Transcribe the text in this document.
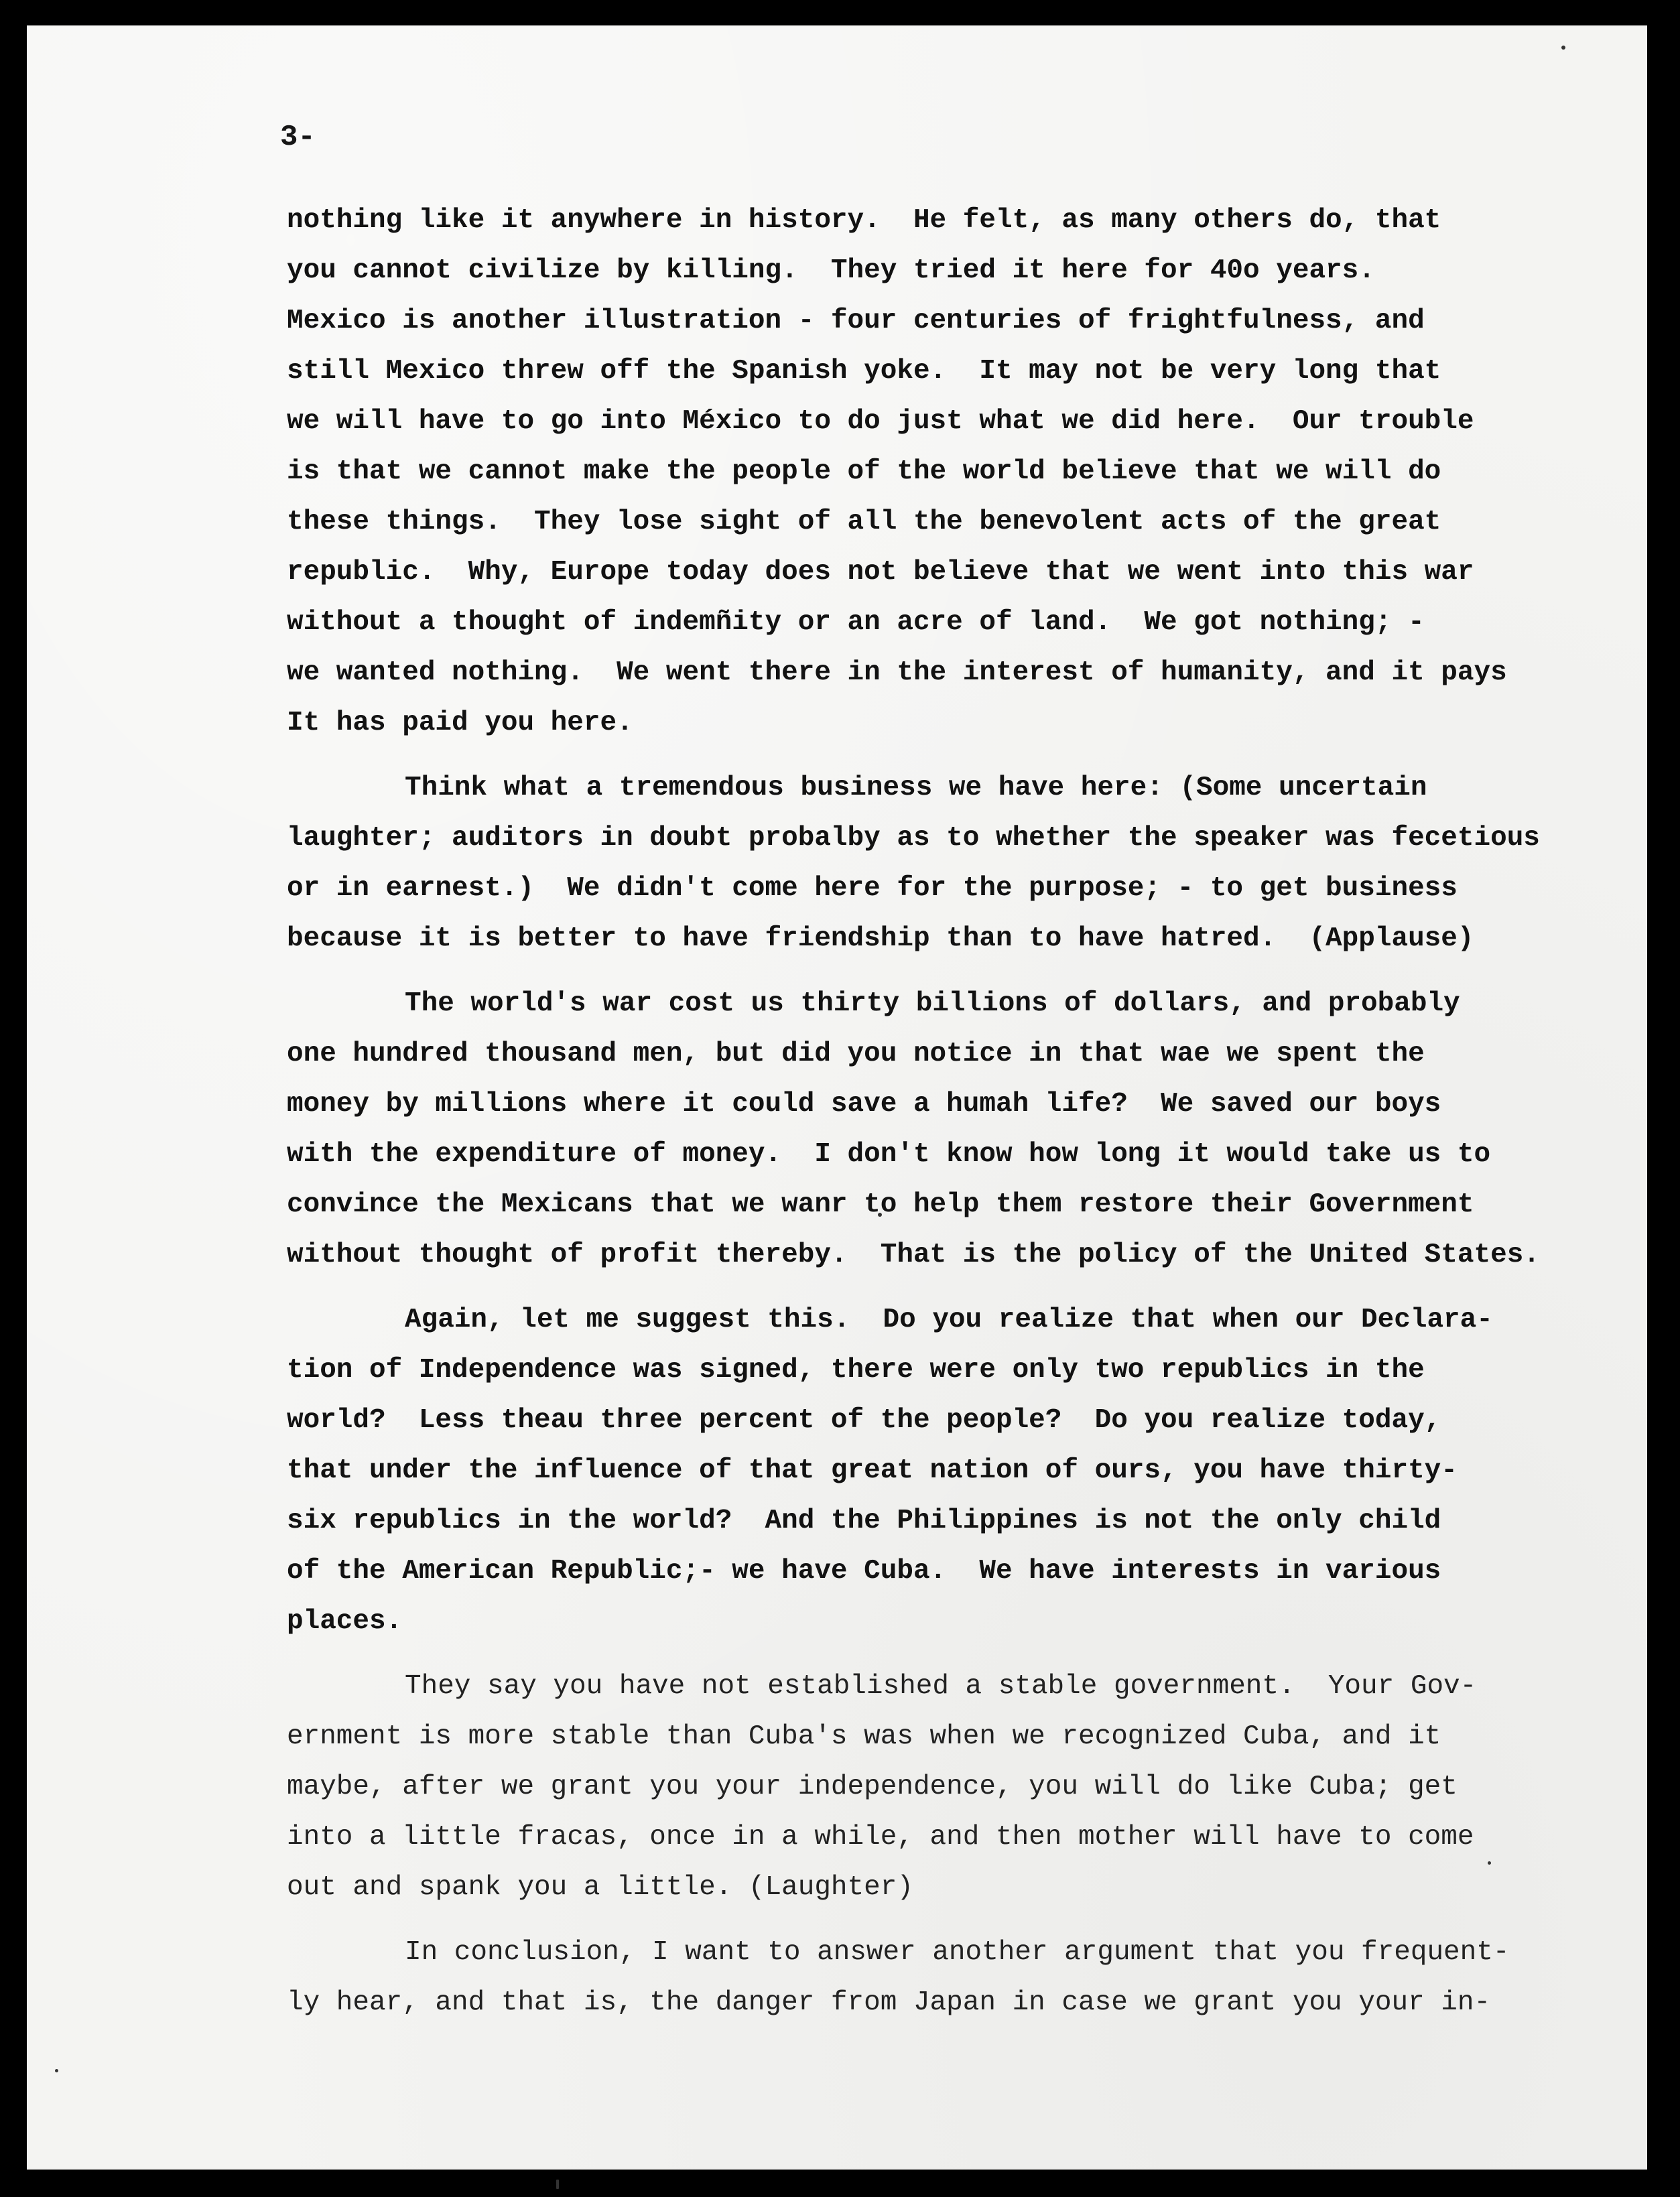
3-

nothing like it anywhere in history.  He felt, as many others do, that
you cannot civilize by killing.  They tried it here for 40o years.
Mexico is another illustration - four centuries of frightfulness, and
still Mexico threw off the Spanish yoke.  It may not be very long that
we will have to go into México to do just what we did here.  Our trouble
is that we cannot make the people of the world believe that we will do
these things.  They lose sight of all the benevolent acts of the great
republic.  Why, Europe today does not believe that we went into this war
without a thought of indemñity or an acre of land.  We got nothing; -
we wanted nothing.  We went there in the interest of humanity, and it pays
It has paid you here.
Think what a tremendous business we have here: (Some uncertain
laughter; auditors in doubt probalby as to whether the speaker was fecetious
or in earnest.)  We didn't come here for the purpose; - to get business
because it is better to have friendship than to have hatred.  (Applause)
The world's war cost us thirty billions of dollars, and probably
one hundred thousand men, but did you notice in that wae we spent the
money by millions where it could save a humah life?  We saved our boys
with the expenditure of money.  I don't know how long it would take us to
convince the Mexicans that we wanr to help them restore their Government
without thought of profit thereby.  That is the policy of the United States.
Again, let me suggest this.  Do you realize that when our Declara-
tion of Independence was signed, there were only two republics in the
world?  Less theau three percent of the people?  Do you realize today,
that under the influence of that great nation of ours, you have thirty-
six republics in the world?  And the Philippines is not the only child
of the American Republic;- we have Cuba.  We have interests in various
places.
They say you have not established a stable government.  Your Gov-
ernment is more stable than Cuba's was when we recognized Cuba, and it
maybe, after we grant you your independence, you will do like Cuba; get
into a little fracas, once in a while, and then mother will have to come
out and spank you a little. (Laughter)
In conclusion, I want to answer another argument that you frequent-
ly hear, and that is, the danger from Japan in case we grant you your in-
